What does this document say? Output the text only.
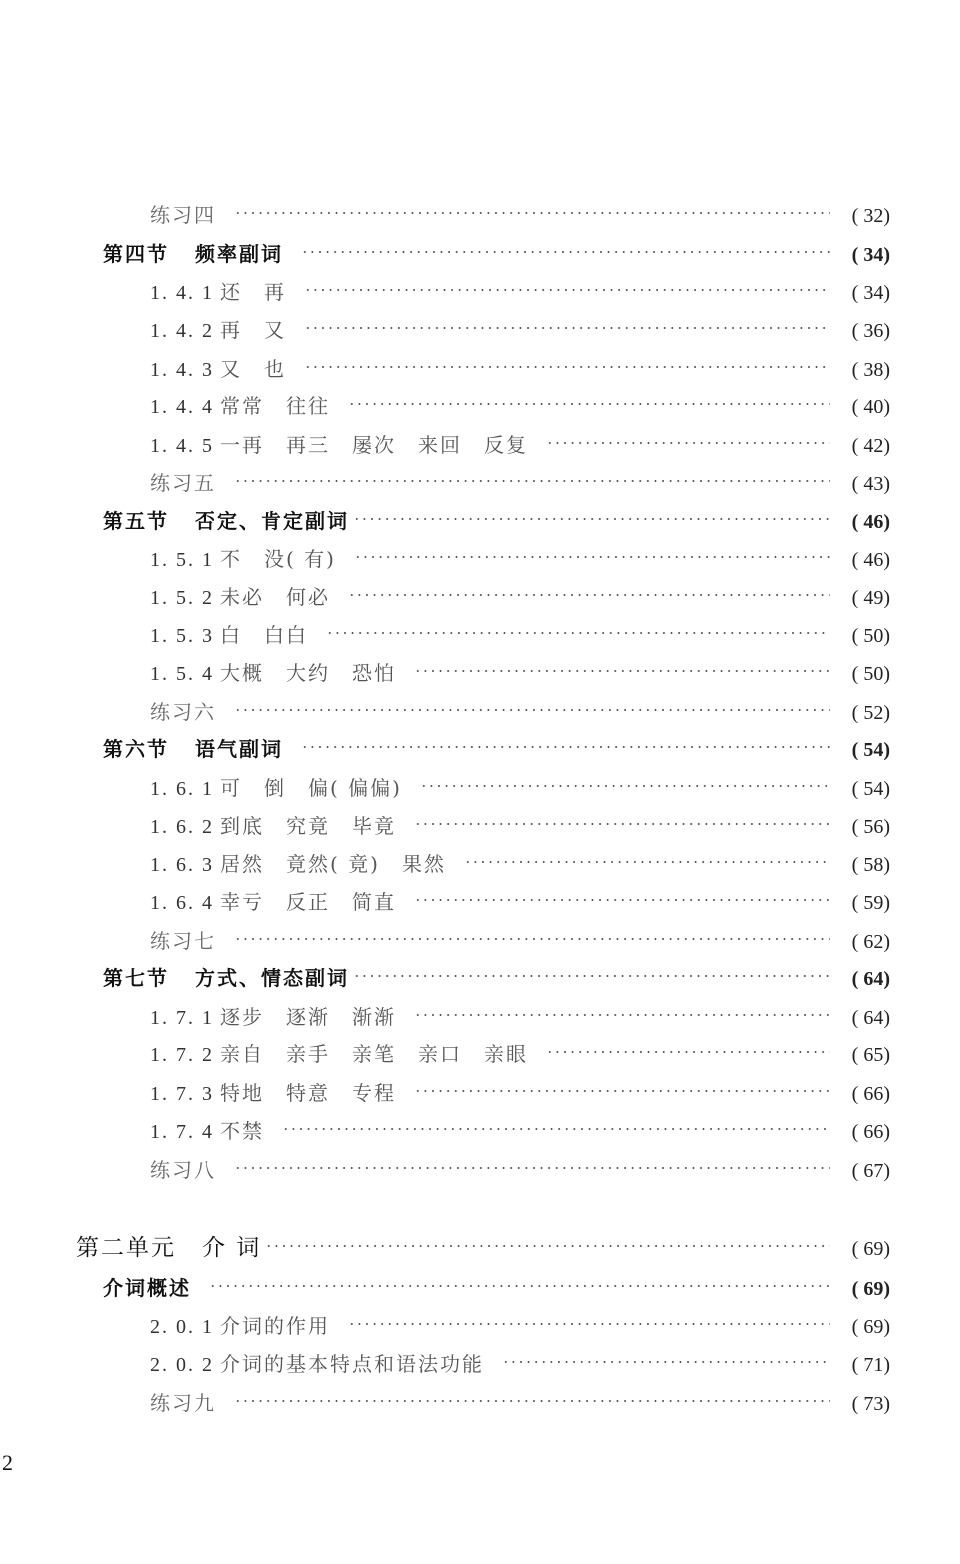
练习四	( 32)
第四节 频率副词	( 34)
1. 4. 1 还 再	( 34)
1. 4. 2 再 又	( 36)
1. 4. 3 又 也	( 38)
1. 4. 4 常常 往往	( 40)
1. 4. 5 一再 再三 屡次 来回 反复	( 42)
练习五	( 43)
第五节 否定、肯定副词	( 46)
1. 5. 1 不 没( 有)	( 46)
1. 5. 2 未必 何必	( 49)
1. 5. 3 白 白白	( 50)
1. 5. 4 大概 大约 恐怕	( 50)
练习六	( 52)
第六节 语气副词	( 54)
1. 6. 1 可 倒 偏( 偏偏)	( 54)
1. 6. 2 到底 究竟 毕竟	( 56)
1. 6. 3 居然 竟然( 竟) 果然	( 58)
1. 6. 4 幸亏 反正 简直	( 59)
练习七	( 62)
第七节 方式、情态副词	( 64)
1. 7. 1 逐步 逐渐 渐渐	( 64)
1. 7. 2 亲自 亲手 亲笔 亲口 亲眼	( 65)
1. 7. 3 特地 特意 专程	( 66)
1. 7. 4 不禁	( 66)
练习八	( 67)
第二单元 介 词	( 69)
介词概述	( 69)
2. 0. 1 介词的作用	( 69)
2. 0. 2 介词的基本特点和语法功能	( 71)
练习九	( 73)
2
